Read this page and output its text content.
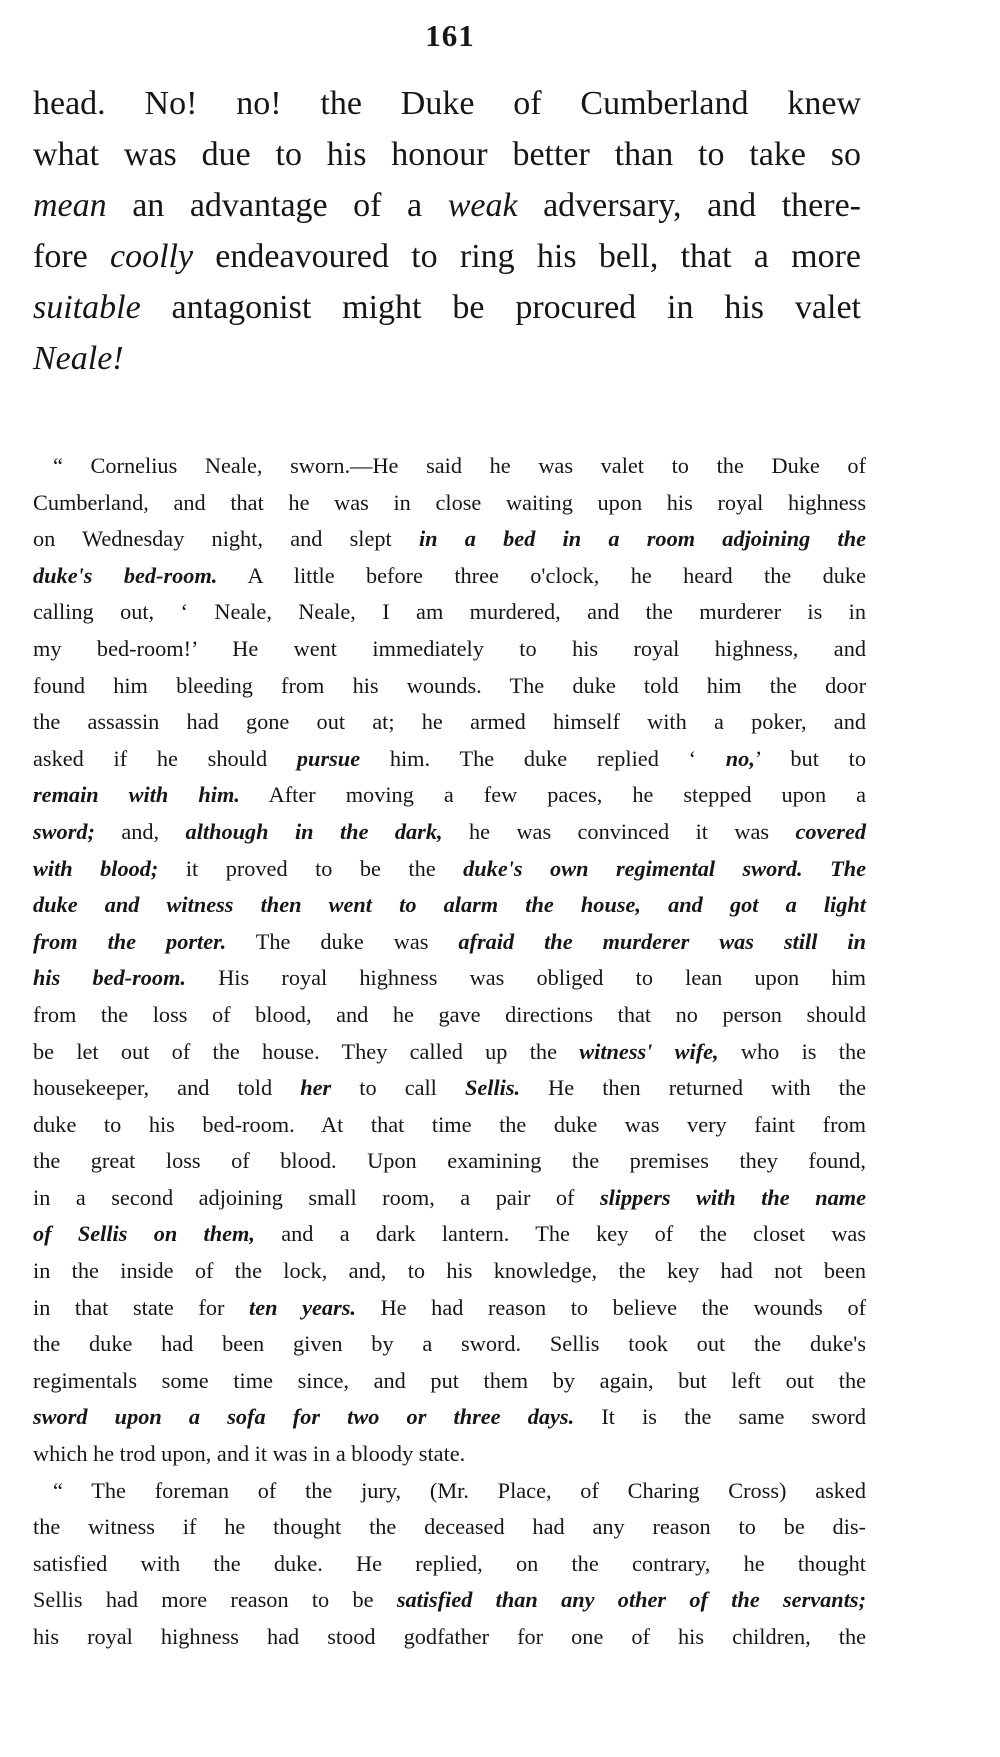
161
head. No! no! the Duke of Cumberland knew
what was due to his honour better than to take so
mean an advantage of a weak adversary, and there-
fore coolly endeavoured to ring his bell, that a more
suitable antagonist might be procured in his valet
Neale!
“ Cornelius Neale, sworn.—He said he was valet to the Duke of
Cumberland, and that he was in close waiting upon his royal highness
on Wednesday night, and slept in a bed in a room adjoining the
duke's bed-room. A little before three o'clock, he heard the duke
calling out, ‘ Neale, Neale, I am murdered, and the murderer is in
my bed-room!’ He went immediately to his royal highness, and
found him bleeding from his wounds. The duke told him the door
the assassin had gone out at; he armed himself with a poker, and
asked if he should pursue him. The duke replied ‘ no,’ but to
remain with him. After moving a few paces, he stepped upon a
sword; and, although in the dark, he was convinced it was covered
with blood; it proved to be the duke's own regimental sword. The
duke and witness then went to alarm the house, and got a light
from the porter. The duke was afraid the murderer was still in
his bed-room. His royal highness was obliged to lean upon him
from the loss of blood, and he gave directions that no person should
be let out of the house. They called up the witness' wife, who is the
housekeeper, and told her to call Sellis. He then returned with the
duke to his bed-room. At that time the duke was very faint from
the great loss of blood. Upon examining the premises they found,
in a second adjoining small room, a pair of slippers with the name
of Sellis on them, and a dark lantern. The key of the closet was
in the inside of the lock, and, to his knowledge, the key had not been
in that state for ten years. He had reason to believe the wounds of
the duke had been given by a sword. Sellis took out the duke's
regimentals some time since, and put them by again, but left out the
sword upon a sofa for two or three days. It is the same sword
which he trod upon, and it was in a bloody state.
“ The foreman of the jury, (Mr. Place, of Charing Cross) asked
the witness if he thought the deceased had any reason to be dis-
satisfied with the duke. He replied, on the contrary, he thought
Sellis had more reason to be satisfied than any other of the servants;
his royal highness had stood godfather for one of his children, the
